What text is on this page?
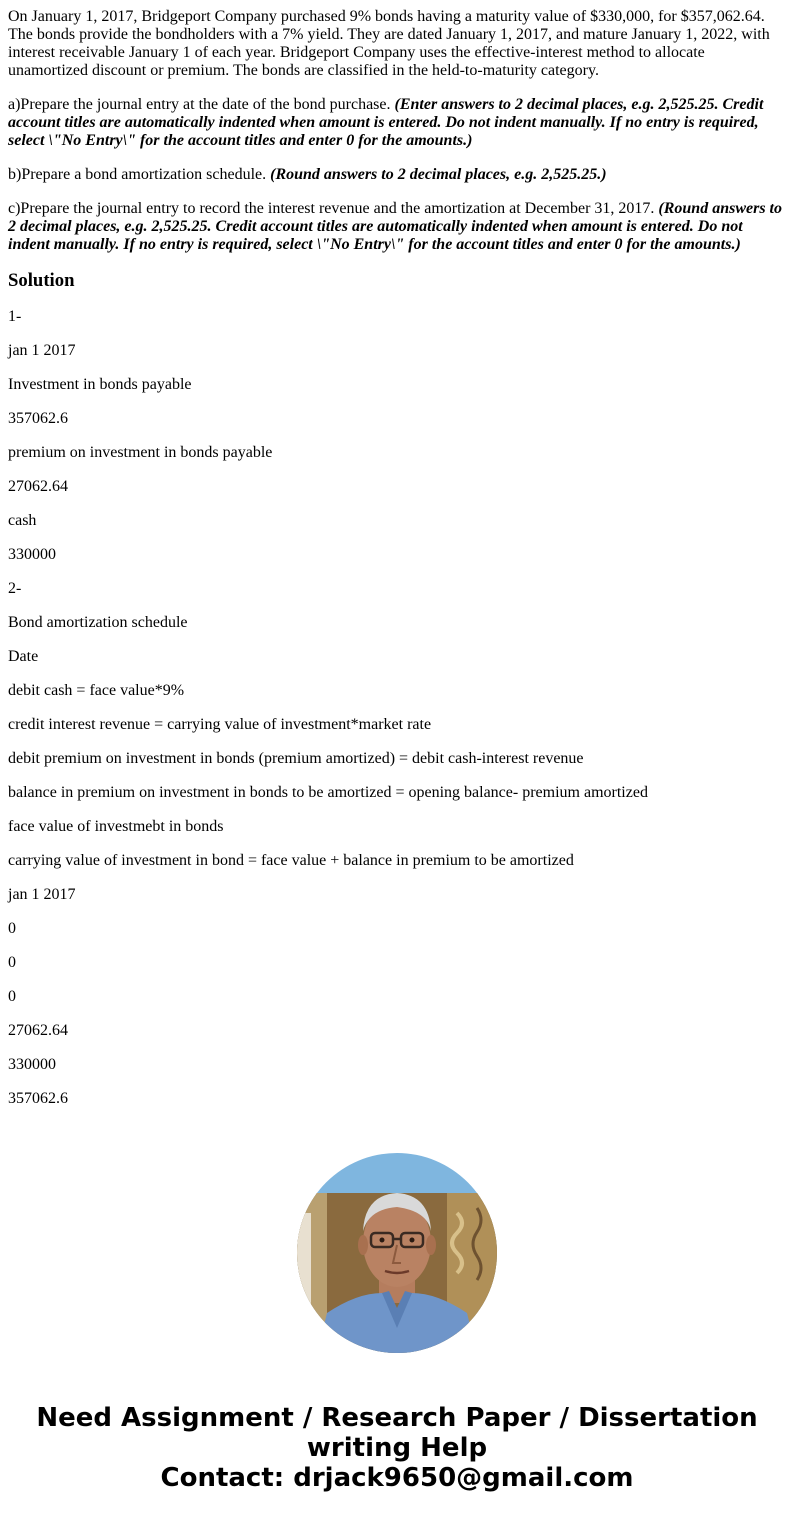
On January 1, 2017, Bridgeport Company purchased 9% bonds having a maturity value of $330,000, for $357,062.64. The bonds provide the bondholders with a 7% yield. They are dated January 1, 2017, and mature January 1, 2022, with interest receivable January 1 of each year. Bridgeport Company uses the effective-interest method to allocate unamortized discount or premium. The bonds are classified in the held-to-maturity category.

a)Prepare the journal entry at the date of the bond purchase. (Enter answers to 2 decimal places, e.g. 2,525.25. Credit account titles are automatically indented when amount is entered. Do not indent manually. If no entry is required, select \"No Entry\" for the account titles and enter 0 for the amounts.)

b)Prepare a bond amortization schedule. (Round answers to 2 decimal places, e.g. 2,525.25.)

c)Prepare the journal entry to record the interest revenue and the amortization at December 31, 2017. (Round answers to 2 decimal places, e.g. 2,525.25. Credit account titles are automatically indented when amount is entered. Do not indent manually. If no entry is required, select \"No Entry\" for the account titles and enter 0 for the amounts.)

Solution

1-

jan 1 2017

Investment in bonds payable

357062.6

premium on investment in bonds payable

27062.64

cash

330000

2-

Bond amortization schedule

Date

debit cash = face value*9%

credit interest revenue = carrying value of investment*market rate

debit premium on investment in bonds (premium amortized) = debit cash-interest revenue

balance in premium on investment in bonds to be amortized = opening balance- premium amortized

face value of investmebt in bonds

carrying value of investment in bond = face value + balance in premium to be amortized

jan 1 2017

0

0

0

27062.64

330000

357062.6

Need Assignment / Research Paper / Dissertation
writing Help
Contact: drjack9650@gmail.com
